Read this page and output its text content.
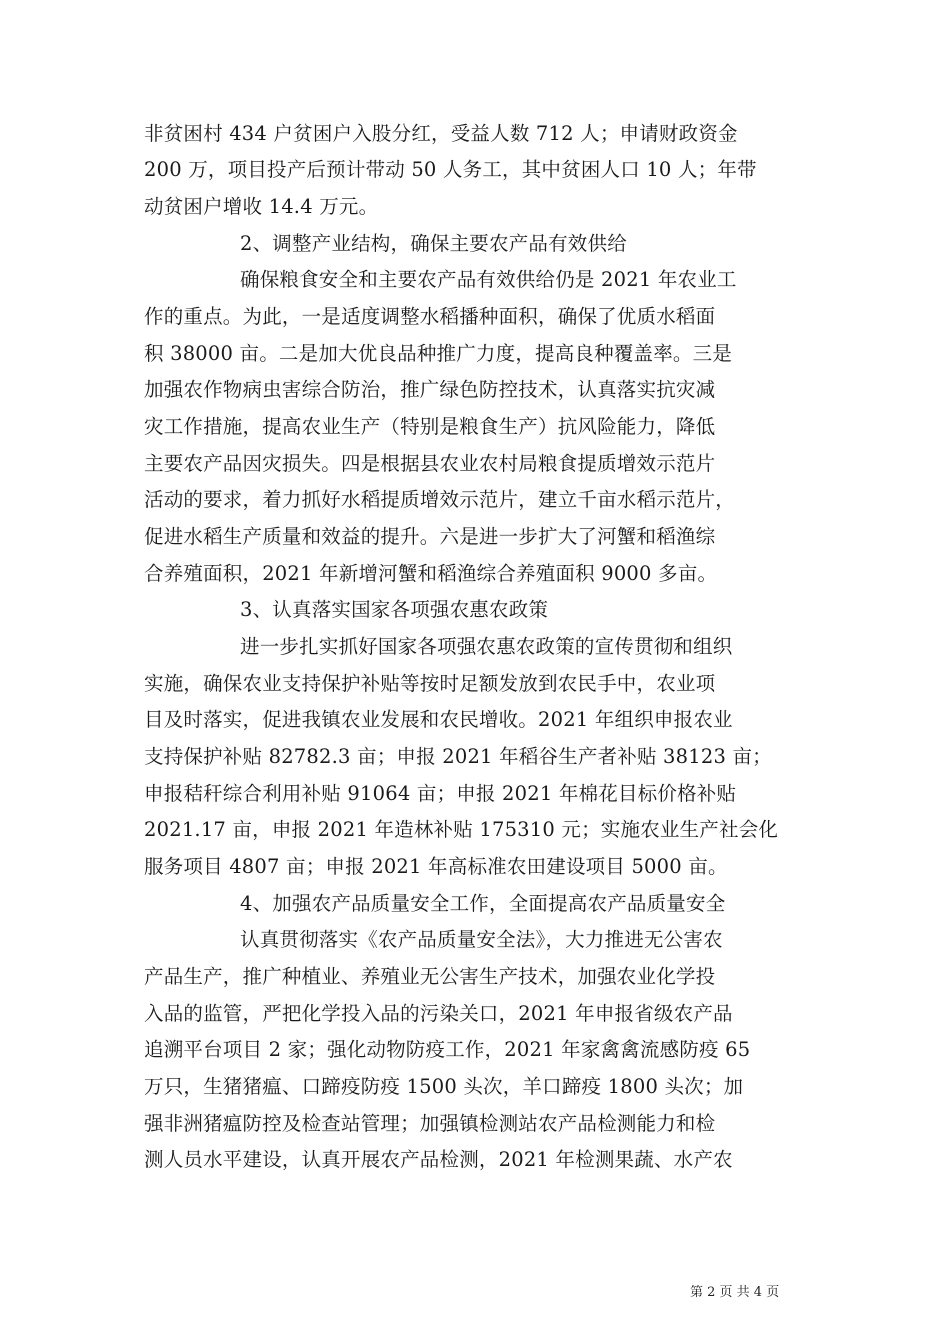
非贫困村 434 户贫困户入股分红，受益人数 712 人；申请财政资金
200 万，项目投产后预计带动 50 人务工，其中贫困人口 10 人；年带
动贫困户增收 14.4 万元。
2、调整产业结构，确保主要农产品有效供给
确保粮食安全和主要农产品有效供给仍是 2021 年农业工
作的重点。为此，一是适度调整水稻播种面积，确保了优质水稻面
积 38000 亩。二是加大优良品种推广力度，提高良种覆盖率。三是
加强农作物病虫害综合防治，推广绿色防控技术，认真落实抗灾减
灾工作措施，提高农业生产（特别是粮食生产）抗风险能力，降低
主要农产品因灾损失。四是根据县农业农村局粮食提质增效示范片
活动的要求，着力抓好水稻提质增效示范片，建立千亩水稻示范片，
促进水稻生产质量和效益的提升。六是进一步扩大了河蟹和稻渔综
合养殖面积，2021 年新增河蟹和稻渔综合养殖面积 9000 多亩。
3、认真落实国家各项强农惠农政策
进一步扎实抓好国家各项强农惠农政策的宣传贯彻和组织
实施，确保农业支持保护补贴等按时足额发放到农民手中，农业项
目及时落实，促进我镇农业发展和农民增收。2021 年组织申报农业
支持保护补贴 82782.3 亩；申报 2021 年稻谷生产者补贴 38123 亩；
申报秸秆综合利用补贴 91064 亩；申报 2021 年棉花目标价格补贴
2021.17 亩，申报 2021 年造林补贴 175310 元；实施农业生产社会化
服务项目 4807 亩；申报 2021 年高标准农田建设项目 5000 亩。
4、加强农产品质量安全工作，全面提高农产品质量安全
认真贯彻落实《农产品质量安全法》，大力推进无公害农
产品生产，推广种植业、养殖业无公害生产技术，加强农业化学投
入品的监管，严把化学投入品的污染关口，2021 年申报省级农产品
追溯平台项目 2 家；强化动物防疫工作，2021 年家禽禽流感防疫 65
万只，生猪猪瘟、口蹄疫防疫 1500 头次，羊口蹄疫 1800 头次；加
强非洲猪瘟防控及检查站管理；加强镇检测站农产品检测能力和检
测人员水平建设，认真开展农产品检测，2021 年检测果蔬、水产农
第 2 页 共 4 页
